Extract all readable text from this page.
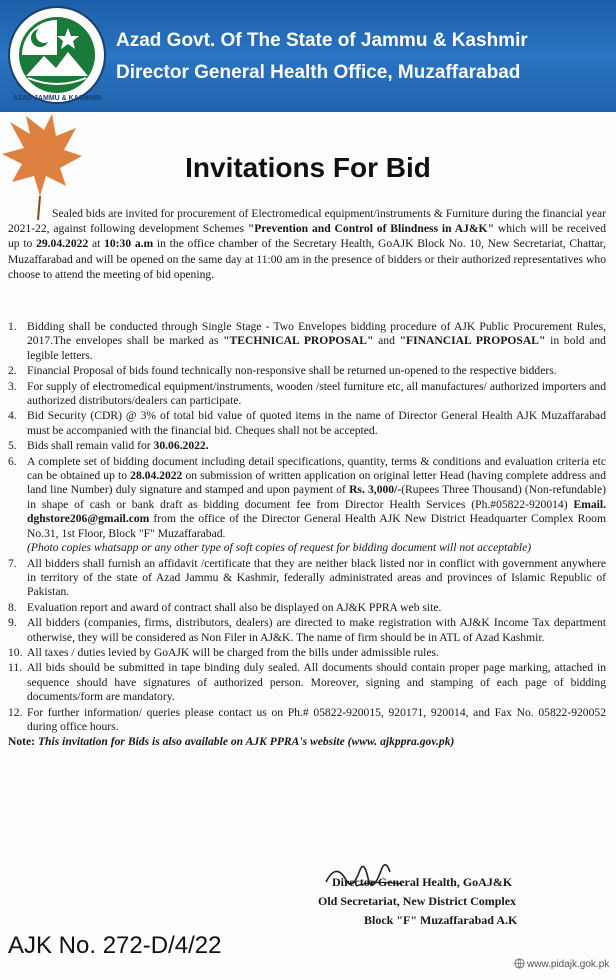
AZAD JAMMU & KASHMIR
Azad Govt. Of The State of Jammu & Kashmir
Director General Health Office, Muzaffarabad
Invitations For Bid

Sealed bids are invited for procurement of Electromedical equipment/instruments & Furniture during the financial year 2021-22, against following development Schemes "Prevention and Control of Blindness in AJ&K" which will be received up to 29.04.2022 at 10:30 a.m in the office chamber of the Secretary Health, GoAJK Block No. 10, New Secretariat, Chattar, Muzaffarabad and will be opened on the same day at 11:00 am in the presence of bidders or their authorized representatives who choose to attend the meeting of bid opening.

1. Bidding shall be conducted through Single Stage - Two Envelopes bidding procedure of AJK Public Procurement Rules, 2017.The envelopes shall be marked as "TECHNICAL PROPOSAL" and "FINANCIAL PROPOSAL" in bold and legible letters.
2. Financial Proposal of bids found technically non-responsive shall be returned un-opened to the respective bidders.
3. For supply of electromedical equipment/instruments, wooden /steel furniture etc, all manufactures/ authorized importers and authorized distributors/dealers can participate.
4. Bid Security (CDR) @ 3% of total bid value of quoted items in the name of Director General Health AJK Muzaffarabad must be accompanied with the financial bid. Cheques shall not be accepted.
5. Bids shall remain valid for 30.06.2022.
6. A complete set of bidding document including detail specifications, quantity, terms & conditions and evaluation criteria etc can be obtained up to 28.04.2022 on submission of written application on original letter Head (having complete address and land line Number) duly signature and stamped and upon payment of Rs. 3,000/-(Rupees Three Thousand) (Non-refundable) in shape of cash or bank draft as bidding document fee from Director Health Services (Ph.#05822-920014) Email. dghstore206@gmail.com from the office of the Director General Health AJK New District Headquarter Complex Room No.31, 1st Floor, Block "F" Muzaffarabad.
(Photo copies whatsapp or any other type of soft copies of request for bidding document will not acceptable)
7. All bidders shall furnish an affidavit /certificate that they are neither black listed nor in conflict with government anywhere in territory of the state of Azad Jammu & Kashmir, federally administrated areas and provinces of Islamic Republic of Pakistan.
8. Evaluation report and award of contract shall also be displayed on AJ&K PPRA web site.
9. All bidders (companies, firms, distributors, dealers) are directed to make registration with AJ&K Income Tax department otherwise, they will be considered as Non Filer in AJ&K. The name of firm should be in ATL of Azad Kashmir.
10. All taxes / duties levied by GoAJK will be charged from the bills under admissible rules.
11. All bids should be submitted in tape binding duly sealed. All documents should contain proper page marking, attached in sequence should have signatures of authorized person. Moreover, signing and stamping of each page of bidding documents/form are mandatory.
12. For further information/ queries please contact us on Ph.# 05822-920015, 920171, 920014, and Fax No. 05822-920052 during office hours.
Note: This invitation for Bids is also available on AJK PPRA's website (www. ajkppra.gov.pk)
Director General Health, GoAJ&K
Old Secretariat, New District Complex
Block "F" Muzaffarabad A.K
AJK No. 272-D/4/22
www.pidajk.gok.pk
